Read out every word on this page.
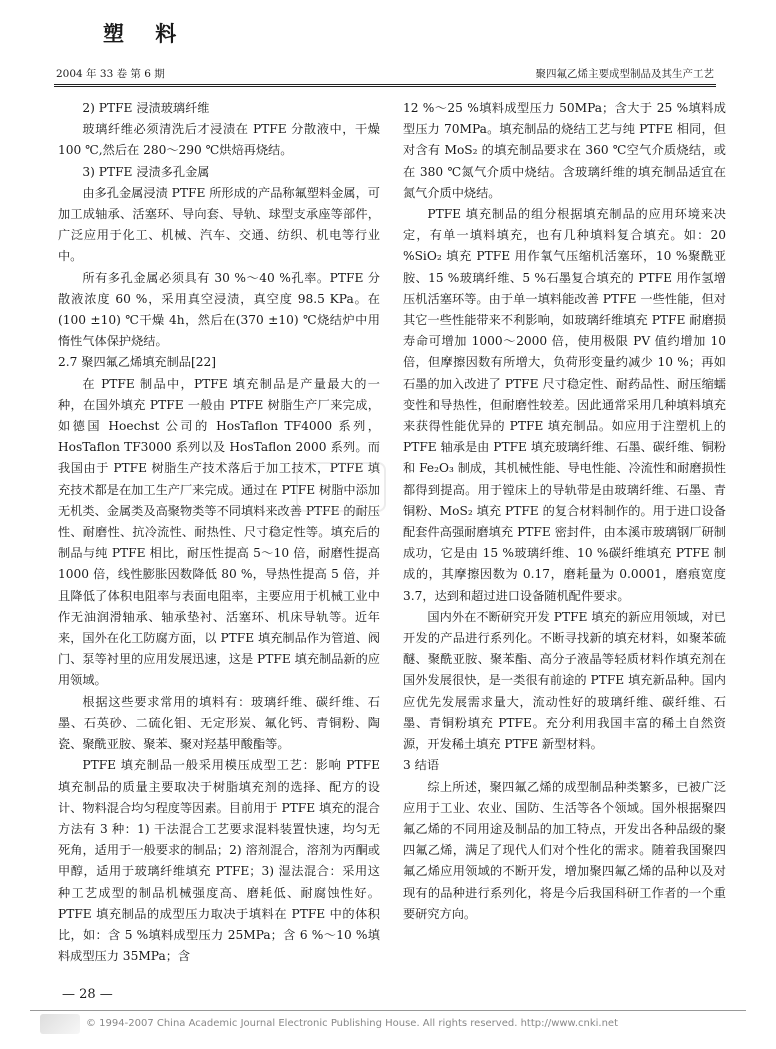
塑 料
2004 年 33 卷 第 6 期	聚四氟乙烯主要成型制品及其生产工艺
2) PTFE 浸渍玻璃纤维

玻璃纤维必须清洗后才浸渍在 PTFE 分散液中，干燥 100 ℃,然后在 280～290 ℃烘焙再烧结。

3) PTFE 浸渍多孔金属

由多孔金属浸渍 PTFE 所形成的产品称氟塑料金属，可加工成轴承、活塞环、导向套、导轨、球型支承座等部件，广泛应用于化工、机械、汽车、交通、纺织、机电等行业中。

所有多孔金属必须具有 30 %～40 %孔率。PTFE 分散液浓度 60 %，采用真空浸渍，真空度 98.5 KPa。在(100 ±10) ℃干燥 4h，然后在(370 ±10) ℃烧结炉中用惰性气体保护烧结。

2.7 聚四氟乙烯填充制品[22]

在 PTFE 制品中，PTFE 填充制品是产量最大的一种，在国外填充 PTFE 一般由 PTFE 树脂生产厂来完成，如德国 Hoechst 公司的 HosTaflon TF4000 系列，HosTaflon TF3000 系列以及 HosTaflon 2000 系列。而我国由于 PTFE 树脂生产技术落后于加工技术，PTFE 填充技术都是在加工生产厂来完成。通过在 PTFE 树脂中添加无机类、金属类及高聚物类等不同填料来改善 PTFE 的耐压性、耐磨性、抗冷流性、耐热性、尺寸稳定性等。填充后的制品与纯 PTFE 相比，耐压性提高 5～10 倍，耐磨性提高 1000 倍，线性膨胀因数降低 80 %，导热性提高 5 倍，并且降低了体积电阻率与表面电阻率，主要应用于机械工业中作无油润滑轴承、轴承垫衬、活塞环、机床导轨等。近年来，国外在化工防腐方面，以 PTFE 填充制品作为管道、阀门、泵等衬里的应用发展迅速，这是 PTFE 填充制品新的应用领域。

根据这些要求常用的填料有：玻璃纤维、碳纤维、石墨、石英砂、二硫化钼、无定形炭、氟化钙、青铜粉、陶瓷、聚酰亚胺、聚苯、聚对羟基甲酸酯等。

PTFE 填充制品一般采用模压成型工艺：影响 PTFE 填充制品的质量主要取决于树脂填充剂的选择、配方的设计、物料混合均匀程度等因素。目前用于 PTFE 填充的混合方法有 3 种：1) 干法混合工艺要求混料装置快速，均匀无死角，适用于一般要求的制品；2) 溶剂混合，溶剂为丙酮或甲醇，适用于玻璃纤维填充 PTFE；3) 湿法混合：采用这种工艺成型的制品机械强度高、磨耗低、耐腐蚀性好。PTFE 填充制品的成型压力取决于填料在 PTFE 中的体积比，如：含 5 %填料成型压力 25MPa；含 6 %～10 %填料成型压力 35MPa；含

12 %～25 %填料成型压力 50MPa；含大于 25 %填料成型压力 70MPa。填充制品的烧结工艺与纯 PTFE 相同，但对含有 MoS₂ 的填充制品要求在 360 ℃空气介质烧结，或在 380 ℃氮气介质中烧结。含玻璃纤维的填充制品适宜在氮气介质中烧结。

PTFE 填充制品的组分根据填充制品的应用环境来决定，有单一填料填充，也有几种填料复合填充。如：20 %SiO₂ 填充 PTFE 用作氧气压缩机活塞环，10 %聚酰亚胺、15 %玻璃纤维、5 %石墨复合填充的 PTFE 用作氢增压机活塞环等。由于单一填料能改善 PTFE 一些性能，但对其它一些性能带来不利影响，如玻璃纤维填充 PTFE 耐磨损寿命可增加 1000～2000 倍，使用极限 PV 值约增加 10 倍，但摩擦因数有所增大，负荷形变量约减少 10 %；再如石墨的加入改进了 PTFE 尺寸稳定性、耐药品性、耐压缩蠕变性和导热性，但耐磨性较差。因此通常采用几种填料填充来获得性能优异的 PTFE 填充制品。如应用于注塑机上的 PTFE 轴承是由 PTFE 填充玻璃纤维、石墨、碳纤维、铜粉和 Fe₂O₃ 制成，其机械性能、导电性能、冷流性和耐磨损性都得到提高。用于镗床上的导轨带是由玻璃纤维、石墨、青铜粉、MoS₂ 填充 PTFE 的复合材料制作的。用于进口设备配套件高强耐磨填充 PTFE 密封件，由本溪市玻璃钢厂研制成功，它是由 15 %玻璃纤维、10 %碳纤维填充 PTFE 制成的，其摩擦因数为 0.17，磨耗量为 0.0001，磨痕宽度 3.7，达到和超过进口设备随机配件要求。

国内外在不断研究开发 PTFE 填充的新应用领域，对已开发的产品进行系列化。不断寻找新的填充材料，如聚苯硫醚、聚酰亚胺、聚苯酯、高分子液晶等轻质材料作填充剂在国外发展很快，是一类很有前途的 PTFE 填充新品种。国内应优先发展需求量大，流动性好的玻璃纤维、碳纤维、石墨、青铜粉填充 PTFE。充分利用我国丰富的稀土自然资源，开发稀土填充 PTFE 新型材料。

3 结语

综上所述，聚四氟乙烯的成型制品种类繁多，已被广泛应用于工业、农业、国防、生活等各个领域。国外根据聚四氟乙烯的不同用途及制品的加工特点，开发出各种品级的聚四氟乙烯，满足了现代人们对个性化的需求。随着我国聚四氟乙烯应用领域的不断开发，增加聚四氟乙烯的品种以及对现有的品种进行系列化，将是今后我国科研工作者的一个重要研究方向。

— 28 —
© 1994-2007 China Academic Journal Electronic Publishing House. All rights reserved. http://www.cnki.net
